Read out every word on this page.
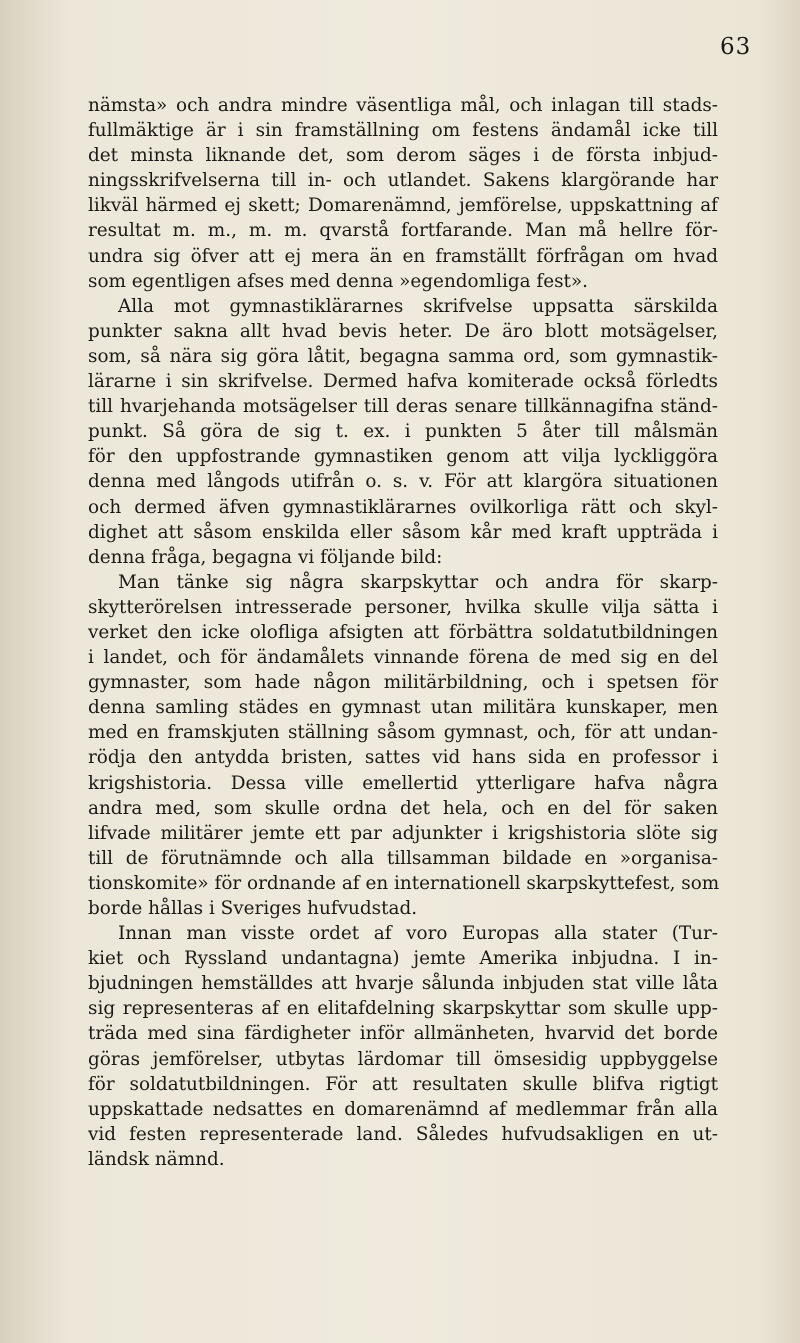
63
nämsta» och andra mindre väsentliga mål, och inlagan till stads-
fullmäktige är i sin framställning om festens ändamål icke till
det minsta liknande det, som derom säges i de första inbjud-
ningsskrifvelserna till in- och utlandet. Sakens klargörande har
likväl härmed ej skett; Domarenämnd, jemförelse, uppskattning af
resultat m. m., m. m. qvarstå fortfarande. Man må hellre för-
undra sig öfver att ej mera än en framställt förfrågan om hvad
som egentligen afses med denna »egendomliga fest».
Alla mot gymnastiklärarnes skrifvelse uppsatta särskilda
punkter sakna allt hvad bevis heter. De äro blott motsägelser,
som, så nära sig göra låtit, begagna samma ord, som gymnastik-
lärarne i sin skrifvelse. Dermed hafva komiterade också förledts
till hvarjehanda motsägelser till deras senare tillkännagifna ständ-
punkt. Så göra de sig t. ex. i punkten 5 åter till målsmän
för den uppfostrande gymnastiken genom att vilja lyckliggöra
denna med långods utifrån o. s. v. För att klargöra situationen
och dermed äfven gymnastiklärarnes ovilkorliga rätt och skyl-
dighet att såsom enskilda eller såsom kår med kraft uppträda i
denna fråga, begagna vi följande bild:
Man tänke sig några skarpskyttar och andra för skarp-
skytterörelsen intresserade personer, hvilka skulle vilja sätta i
verket den icke olofliga afsigten att förbättra soldatutbildningen
i landet, och för ändamålets vinnande förena de med sig en del
gymnaster, som hade någon militärbildning, och i spetsen för
denna samling städes en gymnast utan militära kunskaper, men
med en framskjuten ställning såsom gymnast, och, för att undan-
rödja den antydda bristen, sattes vid hans sida en professor i
krigshistoria. Dessa ville emellertid ytterligare hafva några
andra med, som skulle ordna det hela, och en del för saken
lifvade militärer jemte ett par adjunkter i krigshistoria slöte sig
till de förutnämnde och alla tillsamman bildade en »organisa-
tionskomite» för ordnande af en internationell skarpskyttefest, som
borde hållas i Sveriges hufvudstad.
Innan man visste ordet af voro Europas alla stater (Tur-
kiet och Ryssland undantagna) jemte Amerika inbjudna. I in-
bjudningen hemställdes att hvarje sålunda inbjuden stat ville låta
sig representeras af en elitafdelning skarpskyttar som skulle upp-
träda med sina färdigheter inför allmänheten, hvarvid det borde
göras jemförelser, utbytas lärdomar till ömsesidig uppbyggelse
för soldatutbildningen. För att resultaten skulle blifva rigtigt
uppskattade nedsattes en domarenämnd af medlemmar från alla
vid festen representerade land. Således hufvudsakligen en ut-
ländsk nämnd.
